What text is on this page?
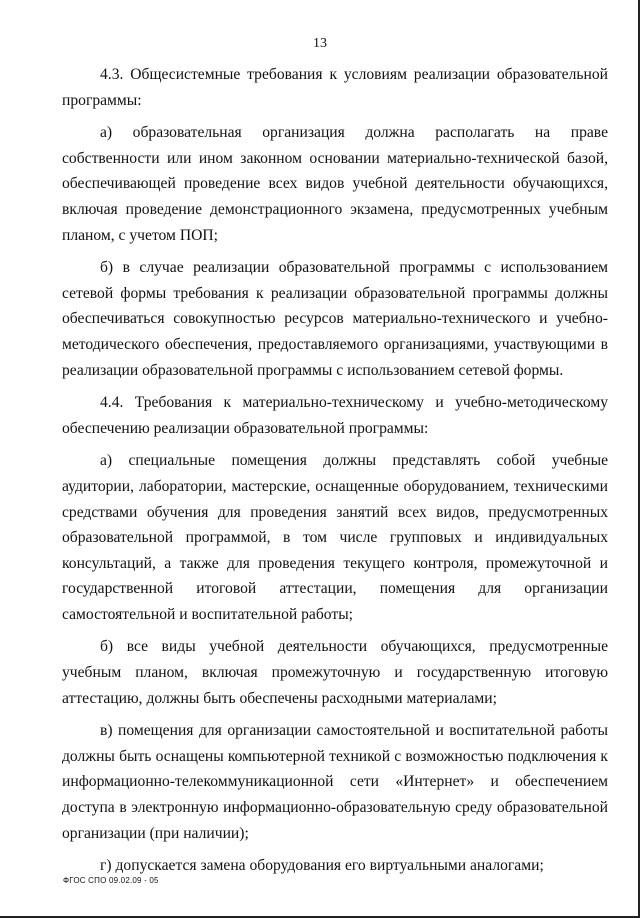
13

4.3. Общесистемные требования к условиям реализации образовательной программы:

а) образовательная организация должна располагать на праве собственности или ином законном основании материально-технической базой, обеспечивающей проведение всех видов учебной деятельности обучающихся, включая проведение демонстрационного экзамена, предусмотренных учебным планом, с учетом ПОП;

б) в случае реализации образовательной программы с использованием сетевой формы требования к реализации образовательной программы должны обеспечиваться совокупностью ресурсов материально-технического и учебно-методического обеспечения, предоставляемого организациями, участвующими в реализации образовательной программы с использованием сетевой формы.

4.4. Требования к материально-техническому и учебно-методическому обеспечению реализации образовательной программы:

а) специальные помещения должны представлять собой учебные аудитории, лаборатории, мастерские, оснащенные оборудованием, техническими средствами обучения для проведения занятий всех видов, предусмотренных образовательной программой, в том числе групповых и индивидуальных консультаций, а также для проведения текущего контроля, промежуточной и государственной итоговой аттестации, помещения для организации самостоятельной и воспитательной работы;

б) все виды учебной деятельности обучающихся, предусмотренные учебным планом, включая промежуточную и государственную итоговую аттестацию, должны быть обеспечены расходными материалами;

в) помещения для организации самостоятельной и воспитательной работы должны быть оснащены компьютерной техникой с возможностью подключения к информационно-телекоммуникационной сети «Интернет» и обеспечением доступа в электронную информационно-образовательную среду образовательной организации (при наличии);

г) допускается замена оборудования его виртуальными аналогами;

ФГОС СПО 09.02.09 - 05
